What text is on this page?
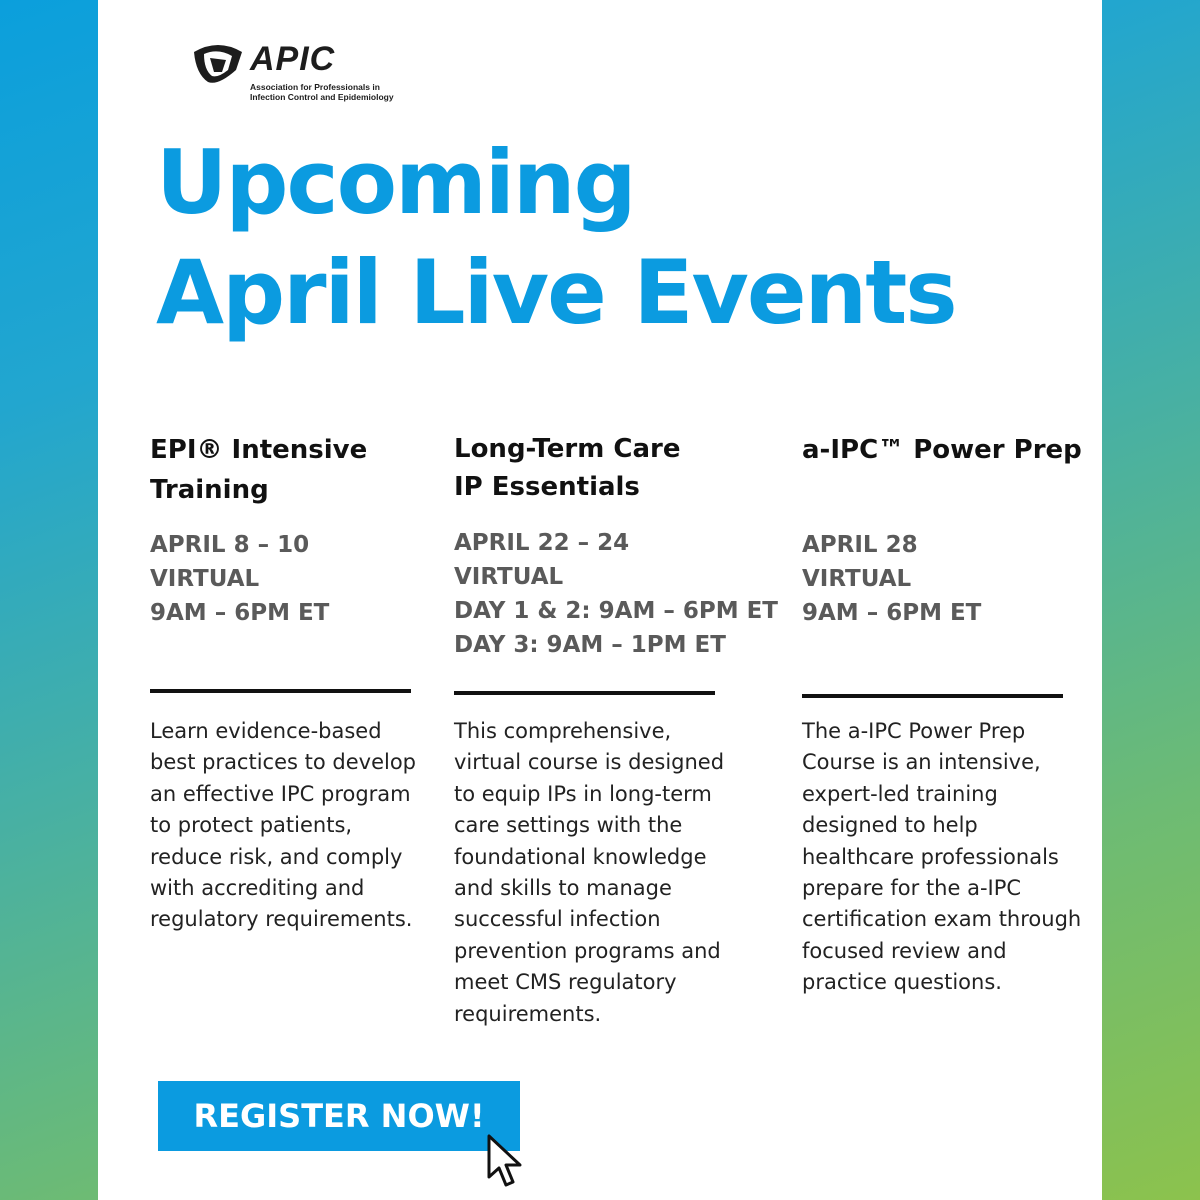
APIC
Association for Professionals in
Infection Control and Epidemiology
Upcoming
April Live Events
EPI® Intensive
Training
APRIL 8 – 10
VIRTUAL
9AM – 6PM ET

Learn evidence-based best practices to develop an effective IPC program to protect patients, reduce risk, and comply with accrediting and regulatory requirements.

Long-Term Care
IP Essentials
APRIL 22 – 24
VIRTUAL
DAY 1 & 2: 9AM – 6PM ET
DAY 3: 9AM – 1PM ET

This comprehensive, virtual course is designed to equip IPs in long-term care settings with the foundational knowledge and skills to manage successful infection prevention programs and meet CMS regulatory requirements.

a-IPC™ Power Prep
APRIL 28
VIRTUAL
9AM – 6PM ET

The a-IPC Power Prep Course is an intensive, expert-led training designed to help healthcare professionals prepare for the a-IPC certification exam through focused review and practice questions.

REGISTER NOW!
